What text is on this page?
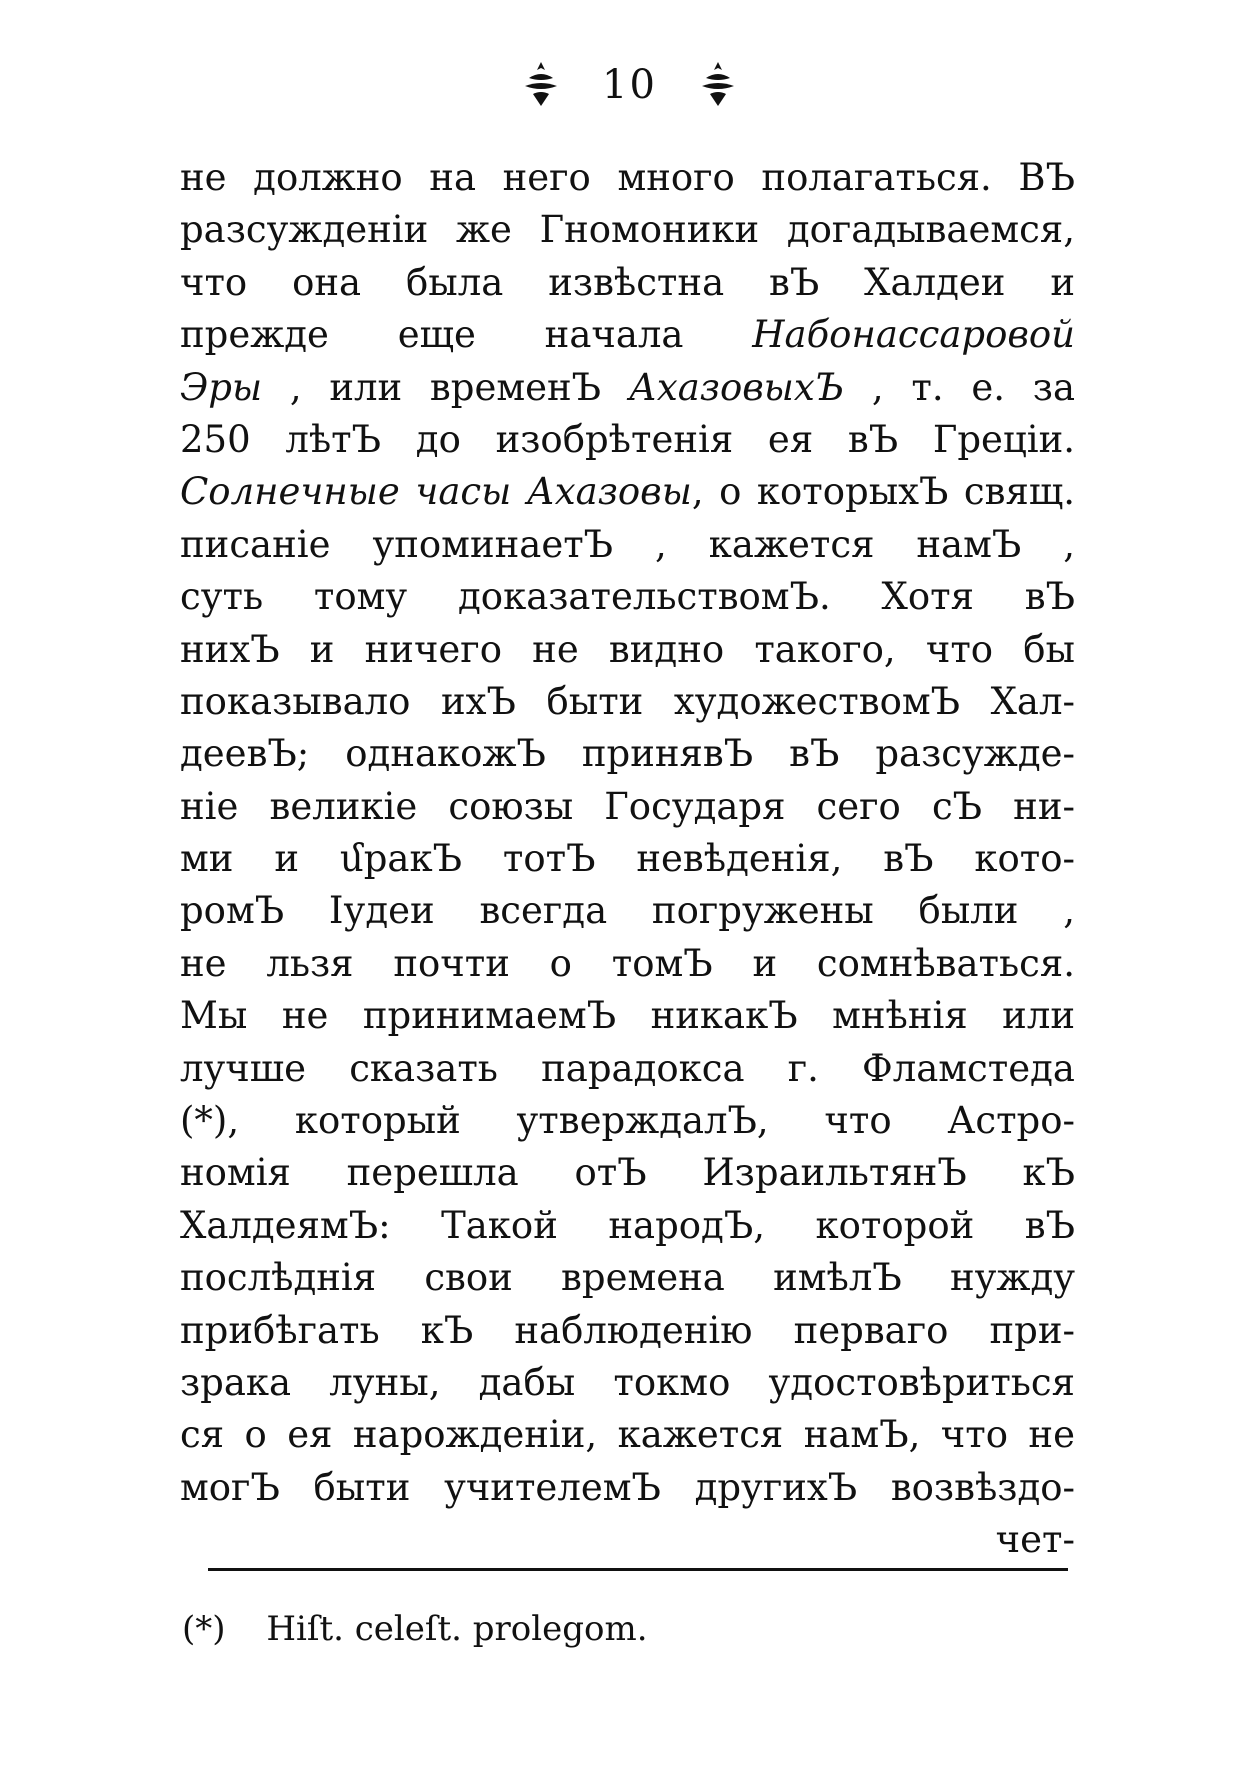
10
не должно на него много полагаться. ВЪ
разсужденіи же Гномоники догадываемся,
что она была извѣстна вЪ Халдеи и
прежде еще начала Набонассаровой
Эры , или временЪ АхазовыхЪ , т. е. за
250 лѣтЪ до изобрѣтенія ея вЪ Греціи.
Солнечные часы Ахазовы, о которыхЪ свящ.
писаніе упоминаетЪ , кажется намЪ ,
суть тому доказательствомЪ. Хотя вЪ
нихЪ и ничего не видно такого, что бы
показывало ихЪ быти художествомЪ Хал-
деевЪ; однакожЪ принявЪ вЪ разсужде-
ніе великіе союзы Государя сего сЪ ни-
ми и մракЪ тотЪ невѣденія, вЪ кото-
ромЪ Іудеи всегда погружены были ,
не льзя почти о томЪ и сомнѣваться.
Мы не принимаемЪ никакЪ мнѣнія или
лучше сказать парадокса г. Фламстеда
(*), который утверждалЪ, что Астро-
номія перешла отЪ ИзраильтянЪ кЪ
ХалдеямЪ: Такой народЪ, которой вЪ
послѣднія свои времена имѣлЪ нужду
прибѣгать кЪ наблюденію перваго при-
зрака луны, дабы токмо удостовѣриться
ся о ея нарожденіи, кажется намЪ, что не
могЪ быти учителемЪ другихЪ возвѣздо-
чет-
(*) Hiſt. celeſt. prolegom.
